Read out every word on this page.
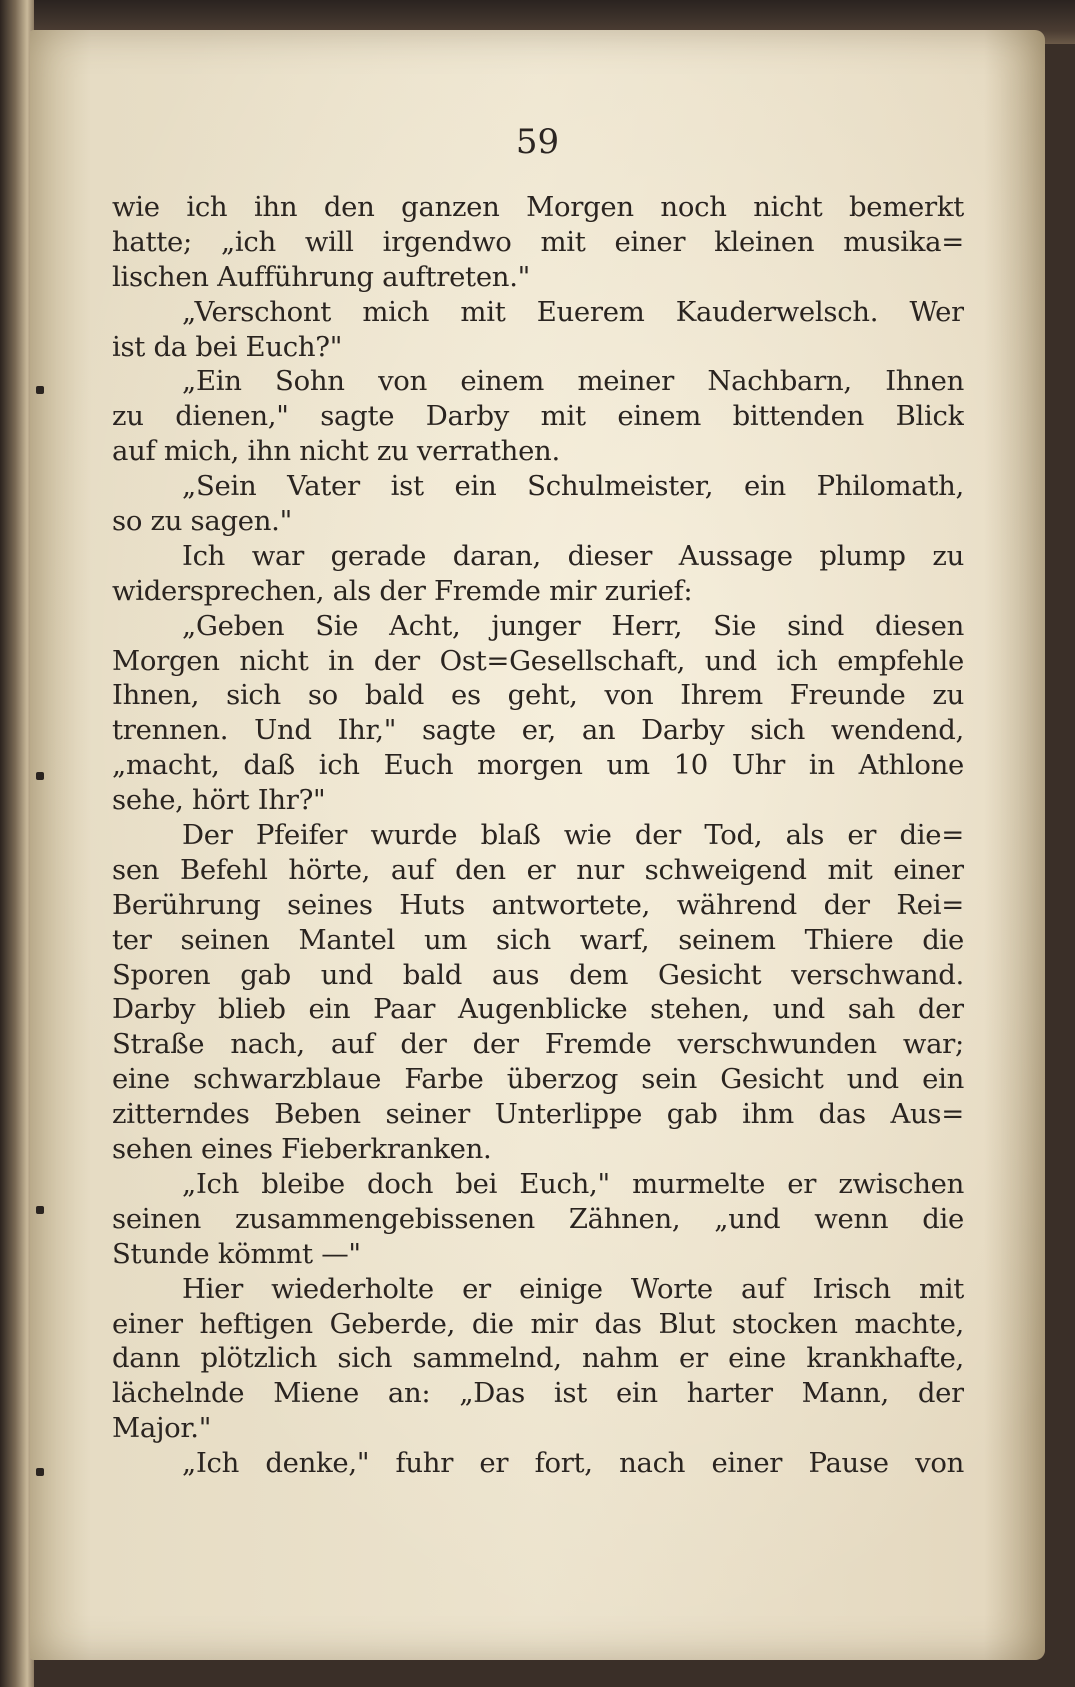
59
wie ich ihn den ganzen Morgen noch nicht bemerkt
hatte; „ich will irgendwo mit einer kleinen musika=
lischen Aufführung auftreten."
„Verschont mich mit Euerem Kauderwelsch. Wer
ist da bei Euch?"
„Ein Sohn von einem meiner Nachbarn, Ihnen
zu dienen," sagte Darby mit einem bittenden Blick
auf mich, ihn nicht zu verrathen.
„Sein Vater ist ein Schulmeister, ein Philomath,
so zu sagen."
Ich war gerade daran, dieser Aussage plump zu
widersprechen, als der Fremde mir zurief:
„Geben Sie Acht, junger Herr, Sie sind diesen
Morgen nicht in der Ost=Gesellschaft, und ich empfehle
Ihnen, sich so bald es geht, von Ihrem Freunde zu
trennen. Und Ihr," sagte er, an Darby sich wendend,
„macht, daß ich Euch morgen um 10 Uhr in Athlone
sehe, hört Ihr?"
Der Pfeifer wurde blaß wie der Tod, als er die=
sen Befehl hörte, auf den er nur schweigend mit einer
Berührung seines Huts antwortete, während der Rei=
ter seinen Mantel um sich warf, seinem Thiere die
Sporen gab und bald aus dem Gesicht verschwand.
Darby blieb ein Paar Augenblicke stehen, und sah der
Straße nach, auf der der Fremde verschwunden war;
eine schwarzblaue Farbe überzog sein Gesicht und ein
zitterndes Beben seiner Unterlippe gab ihm das Aus=
sehen eines Fieberkranken.
„Ich bleibe doch bei Euch," murmelte er zwischen
seinen zusammengebissenen Zähnen, „und wenn die
Stunde kömmt —"
Hier wiederholte er einige Worte auf Irisch mit
einer heftigen Geberde, die mir das Blut stocken machte,
dann plötzlich sich sammelnd, nahm er eine krankhafte,
lächelnde Miene an: „Das ist ein harter Mann, der
Major."
„Ich denke," fuhr er fort, nach einer Pause von
